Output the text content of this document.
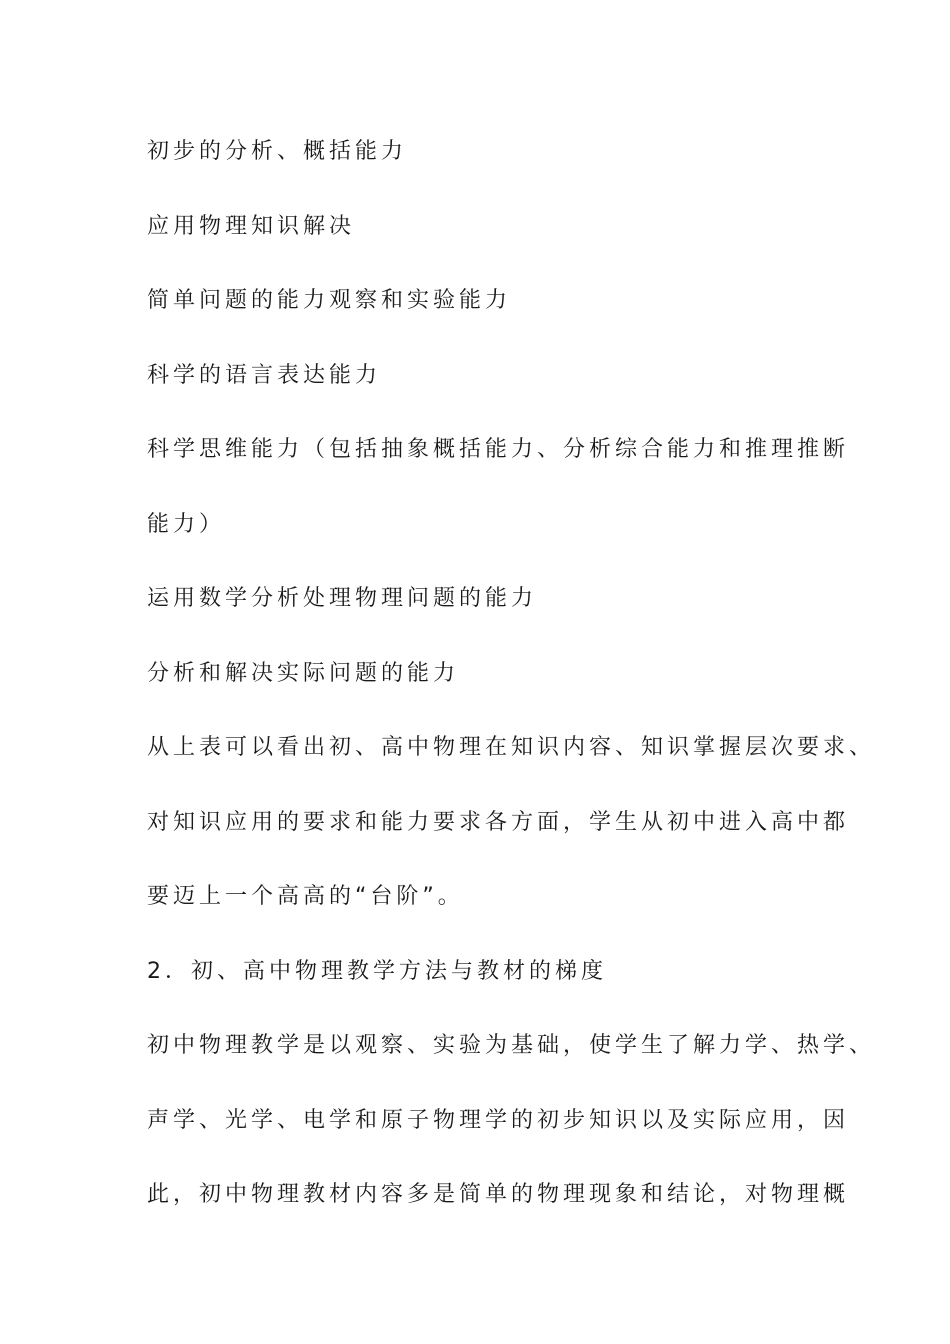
初步的分析、概括能力

应用物理知识解决

简单问题的能力观察和实验能力

科学的语言表达能力

科学思维能力（包括抽象概括能力、分析综合能力和推理推断

能力）

运用数学分析处理物理问题的能力

分析和解决实际问题的能力

从上表可以看出初、高中物理在知识内容、知识掌握层次要求、

对知识应用的要求和能力要求各方面，学生从初中进入高中都

要迈上一个高高的“台阶”。

2．初、高中物理教学方法与教材的梯度

初中物理教学是以观察、实验为基础，使学生了解力学、热学、

声学、光学、电学和原子物理学的初步知识以及实际应用，因

此，初中物理教材内容多是简单的物理现象和结论，对物理概
